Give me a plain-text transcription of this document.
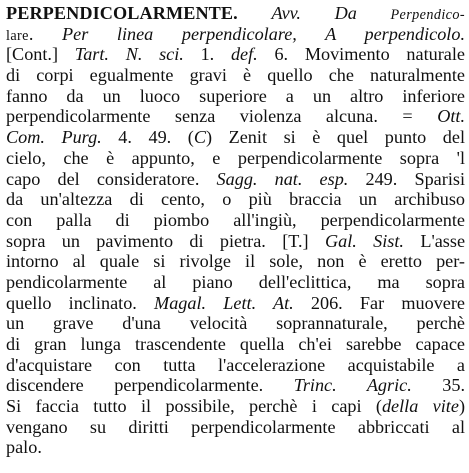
PERPENDICOLARMENTE. Avv. Da Perpendico-
lare. Per linea perpendicolare, A perpendicolo.
[Cont.] Tart. N. sci. 1. def. 6. Movimento naturale
di corpi egualmente gravi è quello che naturalmente
fanno da un luoco superiore a un altro inferiore
perpendicolarmente senza violenza alcuna. = Ott.
Com. Purg. 4. 49. (C) Zenit si è quel punto del
cielo, che è appunto, e perpendicolarmente sopra 'l
capo del consideratore. Sagg. nat. esp. 249. Sparisi
da un'altezza di cento, o più braccia un archibuso
con palla di piombo all'ingiù, perpendicolarmente
sopra un pavimento di pietra. [T.] Gal. Sist. L'asse
intorno al quale si rivolge il sole, non è eretto per-
pendicolarmente al piano dell'eclittica, ma sopra
quello inclinato. Magal. Lett. At. 206. Far muovere
un grave d'una velocità soprannaturale, perchè
di gran lunga trascendente quella ch'ei sarebbe capace
d'acquistare con tutta l'accelerazione acquistabile a
discendere perpendicolarmente. Trinc. Agric. 35.
Si faccia tutto il possibile, perchè i capi (della vite)
vengano su diritti perpendicolarmente abbriccati al
palo.
